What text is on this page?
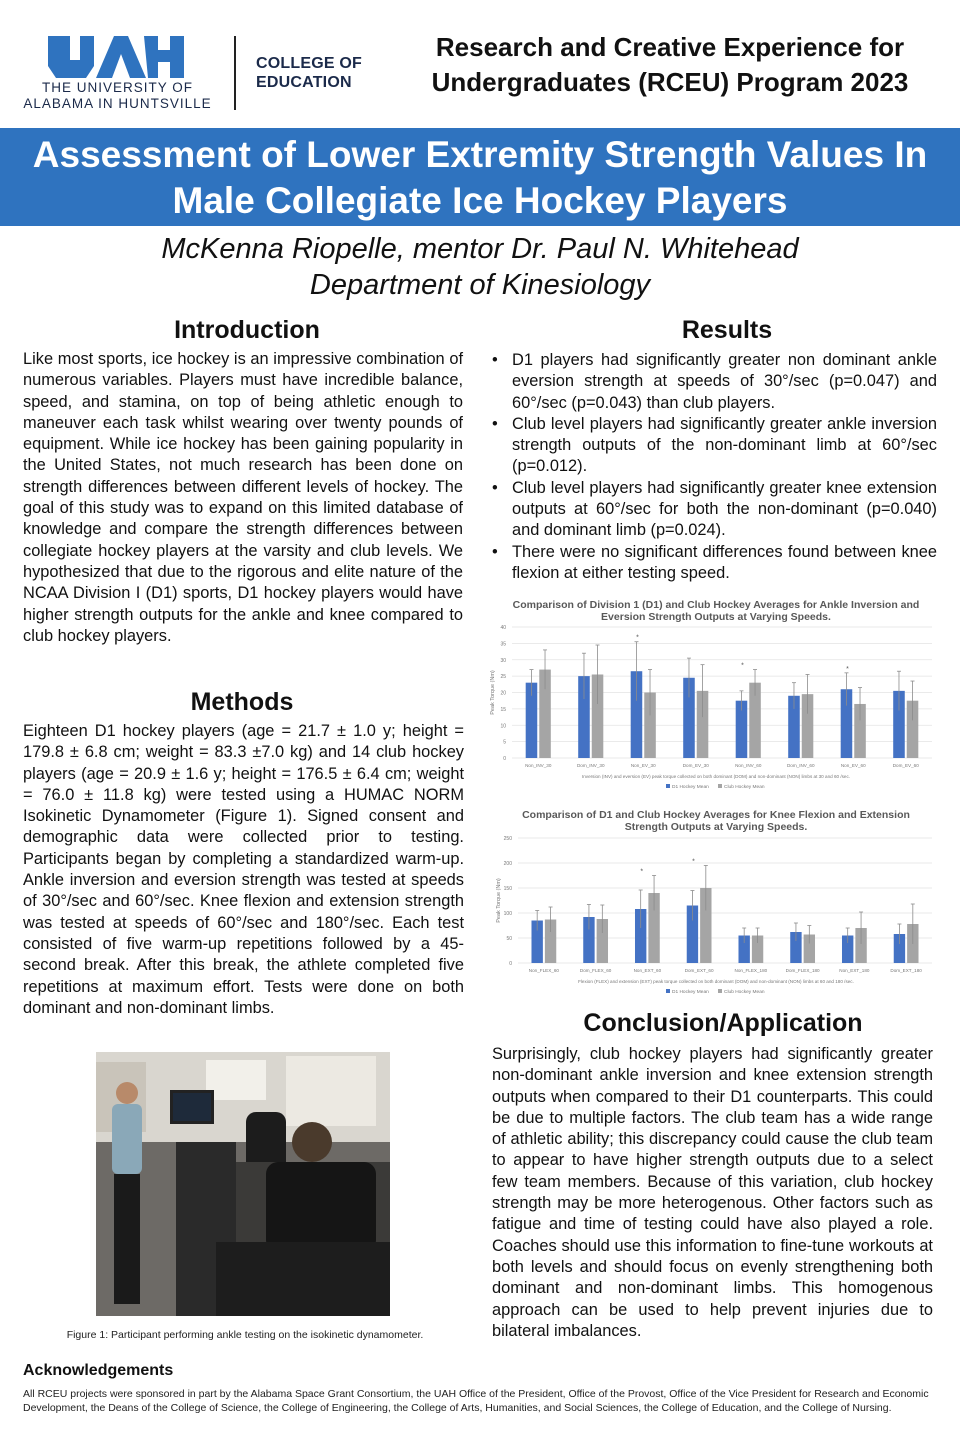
THE UNIVERSITY OF
ALABAMA IN HUNTSVILLE
COLLEGE OF
EDUCATION
Research and Creative Experience for
Undergraduates (RCEU) Program 2023
Assessment of Lower Extremity Strength Values In
Male Collegiate Ice Hockey Players
McKenna Riopelle, mentor Dr. Paul N. Whitehead
Department of Kinesiology
Introduction

Like most sports, ice hockey is an impressive combination of numerous variables. Players must have incredible balance, speed, and stamina, on top of being athletic enough to maneuver each task whilst wearing over twenty pounds of equipment. While ice hockey has been gaining popularity in the United States, not much research has been done on strength differences between different levels of hockey. The goal of this study was to expand on this limited database of knowledge and compare the strength differences between collegiate hockey players at the varsity and club levels. We hypothesized that due to the rigorous and elite nature of the NCAA Division I (D1) sports, D1 hockey players would have higher strength outputs for the ankle and knee compared to club hockey players.

Methods

Eighteen D1 hockey players (age = 21.7 ± 1.0 y; height = 179.8 ± 6.8 cm; weight = 83.3 ±7.0 kg) and 14 club hockey players (age = 20.9 ± 1.6 y; height = 176.5 ± 6.4 cm; weight = 76.0 ± 11.8 kg) were tested using a HUMAC NORM Isokinetic Dynamometer (Figure 1). Signed consent and demographic data were collected prior to testing. Participants began by completing a standardized warm-up. Ankle inversion and eversion strength was tested at speeds of 30°/sec and 60°/sec. Knee flexion and extension strength was tested at speeds of 60°/sec and 180°/sec. Each test consisted of five warm-up repetitions followed by a 45-second break. After this break, the athlete completed five repetitions at maximum effort. Tests were done on both dominant and non-dominant limbs.

Figure 1: Participant performing ankle testing on the isokinetic dynamometer.
Results
• D1 players had significantly greater non dominant ankle eversion strength at speeds of 30°/sec (p=0.047) and 60°/sec (p=0.043) than club players.
• Club level players had significantly greater ankle inversion strength outputs of the non-dominant limb at 60°/sec (p=0.012).
• Club level players had significantly greater knee extension outputs at 60°/sec for both the non-dominant (p=0.040) and dominant limb (p=0.024).
• There were no significant differences found between knee flexion at either testing speed.
Comparison of Division 1 (D1) and Club Hockey Averages for Ankle Inversion and Eversion Strength Outputs at Varying Speeds.
0
5
10
15
20
25
30
35
40
Peak Torque (Nm)
Non_INV_30	Dom_INV_30	Non_EV_30
*
Dom_EV_30	Non_INV_60
*
Dom_INV_60	Non_EV_60
*
Dom_EV_60
Inversion (INV) and eversion (EV) peak torque collected on both dominant (DOM) and non-dominant (NON) limbs at 30 and 60 /sec.
D1 Hockey Mean	Club Hockey Mean
Comparison of D1 and Club Hockey Averages for Knee Flexion and Extension Strength Outputs at Varying Speeds.
0
50
100
150
200
250
Peak Torque (Nm)
Non_FLEX_60	Dom_FLEX_60	Non_EXT_60
*
Dom_EXT_60
*
Non_FLEX_180	Dom_FLEX_180	Non_EXT_180	Dom_EXT_180
Flexion (FLEX) and extension (EXT) peak torque collected on both dominant (DOM) and non-dominant (NON) limbs at 60 and 180 /sec.
D1 Hockey Mean	Club Hockey Mean
Conclusion/Application

Surprisingly, club hockey players had significantly greater non-dominant ankle inversion and knee extension strength outputs when compared to their D1 counterparts. This could be due to multiple factors. The club team has a wide range of athletic ability; this discrepancy could cause the club team to appear to have higher strength outputs due to a select few team members. Because of this variation, club hockey strength may be more heterogenous. Other factors such as fatigue and time of testing could have also played a role. Coaches should use this information to fine-tune workouts at both levels and should focus on evenly strengthening both dominant and non-dominant limbs. This homogenous approach can be used to help prevent injuries due to bilateral imbalances.

Acknowledgements
All RCEU projects were sponsored in part by the Alabama Space Grant Consortium, the UAH Office of the President, Office of the Provost, Office of the Vice President for Research and Economic Development, the Deans of the College of Science, the College of Engineering, the College of Arts, Humanities, and Social Sciences, the College of Education, and the College of Nursing.
